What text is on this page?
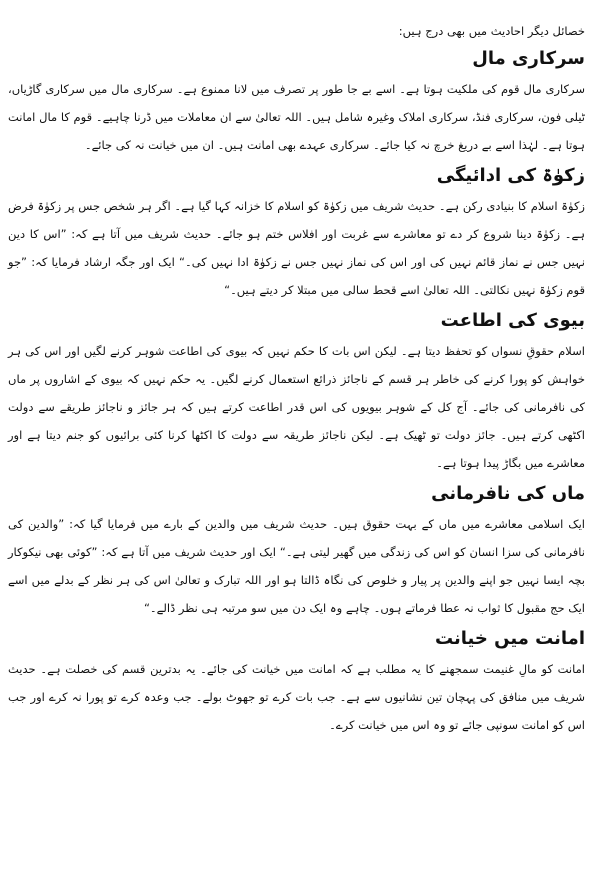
خصائل دیگر احادیث میں بھی درج ہیں:

سرکاری مال

سرکاری مال قوم کی ملکیت ہوتا ہے۔ اسے بے جا طور پر تصرف میں لانا ممنوع ہے۔ سرکاری مال میں سرکاری گاڑیاں، ٹیلی فون، سرکاری فنڈ، سرکاری املاک وغیرہ شامل ہیں۔ اللہ تعالیٰ سے ان معاملات میں ڈرنا چاہیے۔ قوم کا مال امانت ہوتا ہے۔ لہٰذا اسے بے دریغ خرچ نہ کیا جائے۔ سرکاری عہدے بھی امانت ہیں۔ ان میں خیانت نہ کی جائے۔

زکوٰۃ کی ادائیگی

زکوٰۃ اسلام کا بنیادی رکن ہے۔ حدیث شریف میں زکوٰۃ کو اسلام کا خزانہ کہا گیا ہے۔ اگر ہر شخص جس پر زکوٰۃ فرض ہے۔ زکوٰۃ دینا شروع کر دے تو معاشرے سے غربت اور افلاس ختم ہو جائے۔ حدیث شریف میں آتا ہے کہ: ”اس کا دین نہیں جس نے نماز قائم نہیں کی اور اس کی نماز نہیں جس نے زکوٰۃ ادا نہیں کی۔“ ایک اور جگہ ارشاد فرمایا کہ: ”جو قوم زکوٰۃ نہیں نکالتی۔ اللہ تعالیٰ اسے قحط سالی میں مبتلا کر دیتے ہیں۔“

بیوی کی اطاعت

اسلام حقوقِ نسواں کو تحفظ دیتا ہے۔ لیکن اس بات کا حکم نہیں کہ بیوی کی اطاعت شوہر کرنے لگیں اور اس کی ہر خواہش کو پورا کرنے کی خاطر ہر قسم کے ناجائز ذرائع استعمال کرنے لگیں۔ یہ حکم نہیں کہ بیوی کے اشاروں پر ماں کی نافرمانی کی جائے۔ آج کل کے شوہر بیویوں کی اس قدر اطاعت کرتے ہیں کہ ہر جائز و ناجائز طریقے سے دولت اکٹھی کرتے ہیں۔ جائز دولت تو ٹھیک ہے۔ لیکن ناجائز طریقہ سے دولت کا اکٹھا کرنا کئی برائیوں کو جنم دیتا ہے اور معاشرے میں بگاڑ پیدا ہوتا ہے۔

ماں کی نافرمانی

ایک اسلامی معاشرے میں ماں کے بہت حقوق ہیں۔ حدیث شریف میں والدین کے بارے میں فرمایا گیا کہ: ”والدین کی نافرمانی کی سزا انسان کو اس کی زندگی میں گھیر لیتی ہے۔“ ایک اور حدیث شریف میں آتا ہے کہ: ”کوئی بھی نیکوکار بچہ ایسا نہیں جو اپنے والدین پر پیار و خلوص کی نگاہ ڈالتا ہو اور اللہ تبارک و تعالیٰ اس کی ہر نظر کے بدلے میں اسے ایک حج مقبول کا ثواب نہ عطا فرماتے ہوں۔ چاہے وہ ایک دن میں سو مرتبہ ہی نظر ڈالے۔“

امانت میں خیانت

امانت کو مالِ غنیمت سمجھنے کا یہ مطلب ہے کہ امانت میں خیانت کی جائے۔ یہ بدترین قسم کی خصلت ہے۔ حدیث شریف میں منافق کی پہچان تین نشانیوں سے ہے۔ جب بات کرے تو جھوٹ بولے۔ جب وعدہ کرے تو پورا نہ کرے اور جب اس کو امانت سونپی جائے تو وہ اس میں خیانت کرے۔
